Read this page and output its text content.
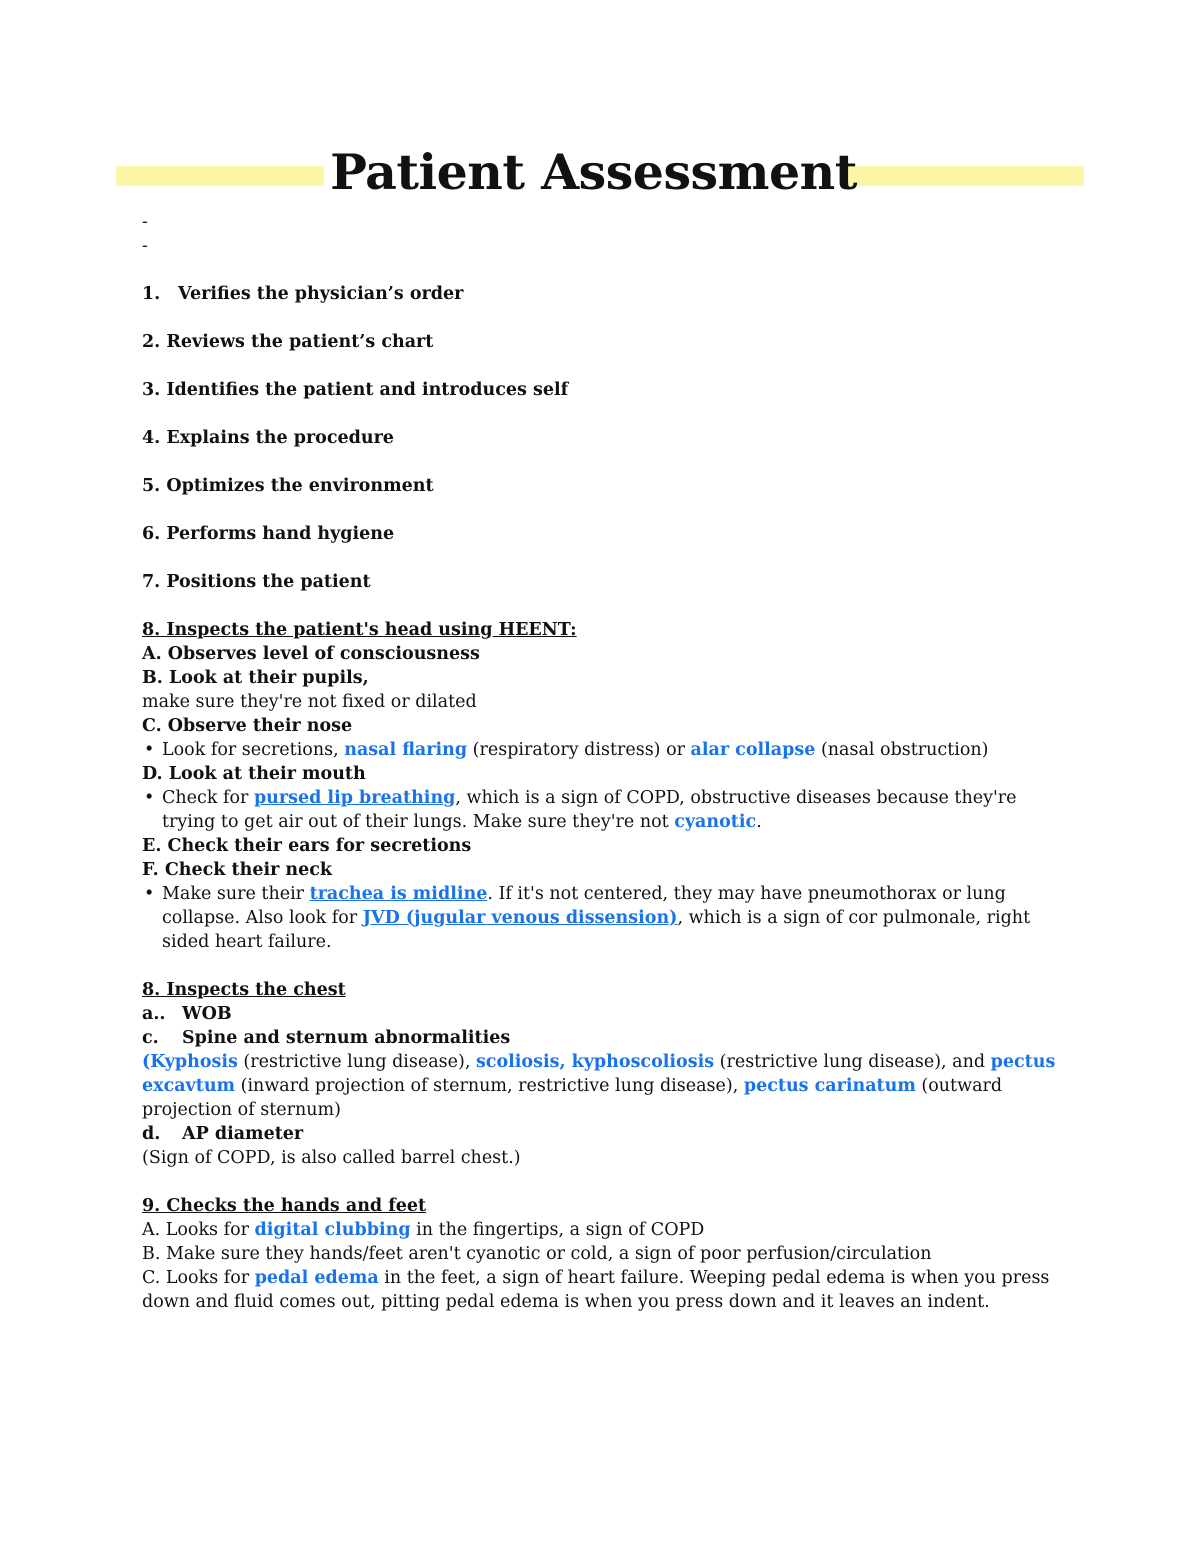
Patient Assessment
-
-
1. Verifies the physician’s order
2. Reviews the patient’s chart
3. Identifies the patient and introduces self
4. Explains the procedure
5. Optimizes the environment
6. Performs hand hygiene
7. Positions the patient
8. Inspects the patient's head using HEENT:
A. Observes level of consciousness
B. Look at their pupils,
make sure they're not fixed or dilated
C. Observe their nose
• Look for secretions, nasal flaring (respiratory distress) or alar collapse (nasal obstruction)
D. Look at their mouth
• Check for pursed lip breathing, which is a sign of COPD, obstructive diseases because they're trying to get air out of their lungs. Make sure they're not cyanotic.
E. Check their ears for secretions
F. Check their neck
• Make sure their trachea is midline. If it's not centered, they may have pneumothorax or lung collapse. Also look for JVD (jugular venous dissension), which is a sign of cor pulmonale, right sided heart failure.
8. Inspects the chest
a.. WOB
c. Spine and sternum abnormalities
(Kyphosis (restrictive lung disease), scoliosis, kyphoscoliosis (restrictive lung disease), and pectus excavtum (inward projection of sternum, restrictive lung disease), pectus carinatum (outward projection of sternum)
d. AP diameter
(Sign of COPD, is also called barrel chest.)
9. Checks the hands and feet
A. Looks for digital clubbing in the fingertips, a sign of COPD
B. Make sure they hands/feet aren't cyanotic or cold, a sign of poor perfusion/circulation
C. Looks for pedal edema in the feet, a sign of heart failure. Weeping pedal edema is when you press down and fluid comes out, pitting pedal edema is when you press down and it leaves an indent.
